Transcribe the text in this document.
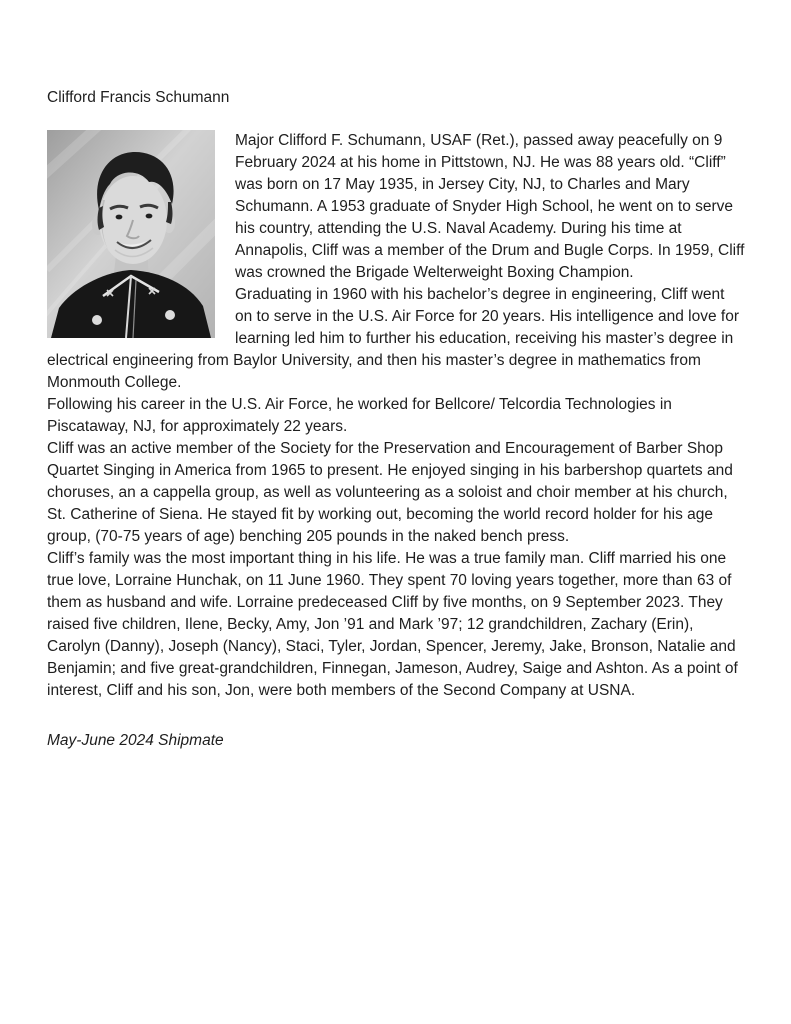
Clifford Francis Schumann

Major Clifford F. Schumann, USAF (Ret.), passed away peacefully on 9 February 2024 at his home in Pittstown, NJ. He was 88 years old. “Cliff” was born on 17 May 1935, in Jersey City, NJ, to Charles and Mary Schumann. A 1953 graduate of Snyder High School, he went on to serve his country, attending the U.S. Naval Academy. During his time at Annapolis, Cliff was a member of the Drum and Bugle Corps. In 1959, Cliff was crowned the Brigade Welterweight Boxing Champion.

Graduating in 1960 with his bachelor’s degree in engineering, Cliff went on to serve in the U.S. Air Force for 20 years. His intelligence and love for learning led him to further his education, receiving his master’s degree in electrical engineering from Baylor University, and then his master’s degree in mathematics from Monmouth College.

Following his career in the U.S. Air Force, he worked for Bellcore/ Telcordia Technologies in Piscataway, NJ, for approximately 22 years.

Cliff was an active member of the Society for the Preservation and Encouragement of Barber Shop Quartet Singing in America from 1965 to present. He enjoyed singing in his barbershop quartets and choruses, an a cappella group, as well as volunteering as a soloist and choir member at his church, St. Catherine of Siena. He stayed fit by working out, becoming the world record holder for his age group, (70-75 years of age) benching 205 pounds in the naked bench press.

Cliff’s family was the most important thing in his life. He was a true family man. Cliff married his one true love, Lorraine Hunchak, on 11 June 1960. They spent 70 loving years together, more than 63 of them as husband and wife. Lorraine predeceased Cliff by five months, on 9 September 2023. They raised five children, Ilene, Becky, Amy, Jon ’91 and Mark ’97; 12 grandchildren, Zachary (Erin), Carolyn (Danny), Joseph (Nancy), Staci, Tyler, Jordan, Spencer, Jeremy, Jake, Bronson, Natalie and Benjamin; and five great-grandchildren, Finnegan, Jameson, Audrey, Saige and Ashton. As a point of interest, Cliff and his son, Jon, were both members of the Second Company at USNA.

May-June 2024 Shipmate
